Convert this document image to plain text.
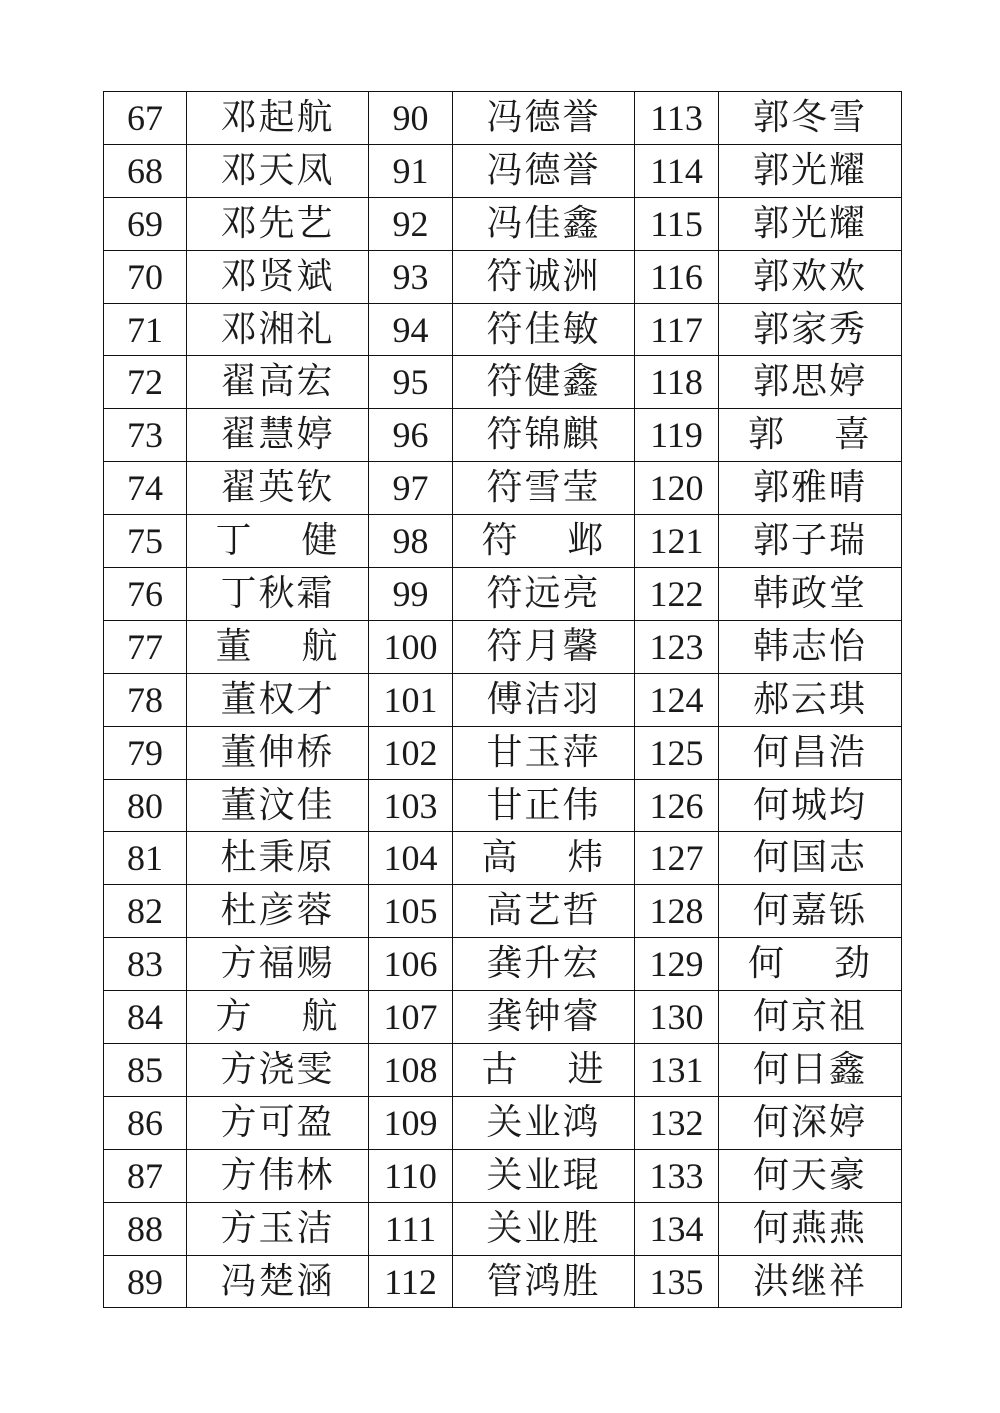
67	邓起航	90	冯德誉	113	郭冬雪
68	邓天凤	91	冯德誉	114	郭光耀
69	邓先艺	92	冯佳鑫	115	郭光耀
70	邓贤斌	93	符诚洲	116	郭欢欢
71	邓湘礼	94	符佳敏	117	郭家秀
72	翟高宏	95	符健鑫	118	郭思婷
73	翟慧婷	96	符锦麒	119	郭 喜

74	翟英钦	97	符雪莹	120	郭雅晴
75	丁 健	98	符 邺	121	郭子瑞
76	丁秋霜	99	符远亮	122	韩政堂
77	董 航	100	符月馨	123	韩志怡
78	董权才	101	傅洁羽	124	郝云琪
79	董伸桥	102	甘玉萍	125	何昌浩
80	董汶佳	103	甘正伟	126	何城均
81	杜秉原	104	高 炜	127	何国志
82	杜彦蓉	105	高艺哲	128	何嘉铄
83	方福赐	106	龚升宏	129	何 劲

84	方 航	107	龚钟睿	130	何京祖
85	方浇雯	108	古 进	131	何日鑫
86	方可盈	109	关业鸿	132	何深婷
87	方伟林	110	关业琨	133	何天豪
88	方玉洁	111	关业胜	134	何燕燕
89	冯楚涵	112	管鸿胜	135	洪继祥
